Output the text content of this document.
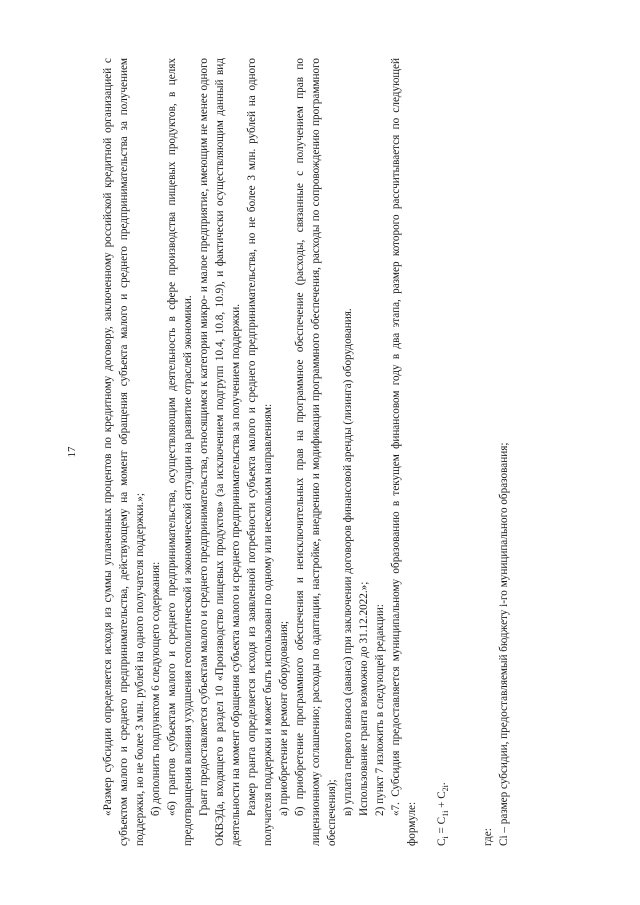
17 «Размер субсидии определяется исходя из суммы уплаченных процентов по кредитному договору, заключенному российской кредитной организацией с субъектом малого и среднего предпринимательства, действующему на момент обращения субъекта малого и среднего предпринимательства за получением поддержки, но не более 3 млн. рублей на одного получателя поддержки.»; б) дополнить подпунктом 6 следующего содержания: «6) грантов субъектам малого и среднего предпринимательства, осуществляющим деятельность в сфере производства пищевых продуктов, в целях предотвращения влияния ухудшения геополитической и экономической ситуации на развитие отраслей экономики. Грант предоставляется субъектам малого и среднего предпринимательства, относящимся к категории микро- и малое предприятие, имеющим не менее одного ОКВЭДа, входящего в раздел 10 «Производство пищевых продуктов» (за исключением подгрупп 10.4, 10.8, 10.9), и фактически осуществляющим данный вид деятельности на момент обращения субъекта малого и среднего предпринимательства за получением поддержки. Размер гранта определяется исходя из заявленной потребности субъекта малого и среднего предпринимательства, но не более 3 млн. рублей на одного получателя поддержки и может быть использован по одному или нескольким направлениям: а) приобретение и ремонт оборудования; б) приобретение программного обеспечения и неисключительных прав на программное обеспечение (расходы, связанные с получением прав по лицензионному соглашению; расходы по адаптации, настройке, внедрению и модификации программного обеспечения, расходы по сопровождению программного обеспечения); в) уплата первого взноса (аванса) при заключении договоров финансовой аренды (лизинга) оборудования. Использование гранта возможно до 31.12.2022.»; 2) пункт 7 изложить в следующей редакции: «7. Субсидия предоставляется муниципальному образованию в текущем финансовом году в два этапа, размер которого рассчитывается по следующей формуле: $C_i = C_{1i} + C_{2i}$.

где: Ci – размер субсидии, предоставляемый бюджету i-го муниципального образования;
